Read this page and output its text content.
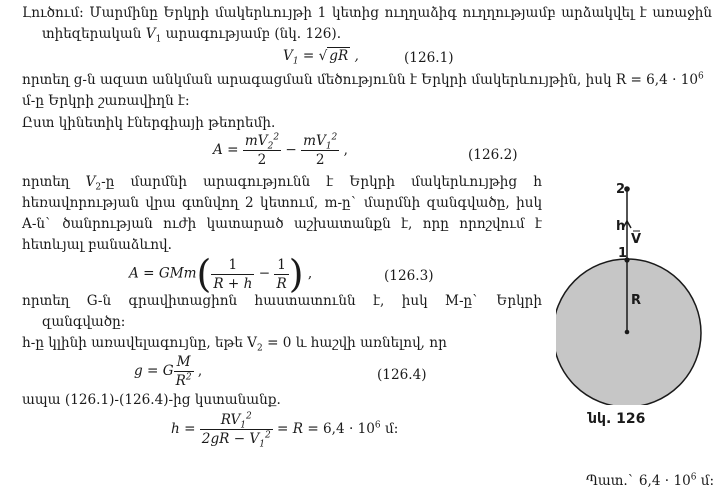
Լուծում: Մարմինը Երկրի մակերևույթի 1 կետից ուղղաձիգ ուղղությամբ արձակվել է առաջին
տիեզերական $V_1$ արագությամբ (նկ. 126).
$V_1$ = √ gR ,	(126.1)
որտեղ g-ն ազատ անկման արագացման մեծությունն է Երկրի մակերևույթին, իսկ $R = 6,4 \cdot 10^6$
մ-ը Երկրի շառավիղն է:
Ըստ կինետիկ էներգիայի թեորեմի.
$A = \frac{mV_2^2}{2} - \frac{mV_1^2}{2}$ ,	(126.2)
որտեղ $V_2-ը$ մարմնի արագությունն է Երկրի մակերևույթից h
հեռավորության վրա գտնվող 2 կետում, m-ը` մարմնի զանգվածը, իսկ
A-ն` ծանրության ուժի կատարած աշխատանքն է, որը որոշվում է
հետևյալ բանաձևով.
$A = GMm( \frac{1}{R + h} - \frac{1}{R}$ ) ,	(126.3)
որտեղ G-ն գրավիտացիոն հաստատունն է, իսկ M-ը` Երկրի
զանգվածը:
h-ը կլինի առավելագույնը, եթե $V_2 = 0$ և հաշվի առնելով, որ
g = G $\frac{M}{R^2}$ ,	(126.4)
ապա (126.1)-(126.4)-ից կստանանք.
$h = \frac{RV_1^2}{2gR - V_1^2} = R = 6,4 \cdot 10^6$ մ:
2
h
V
1
R
նկ. 126
Պատ.` $6,4 \cdot 10^6$ մ:
